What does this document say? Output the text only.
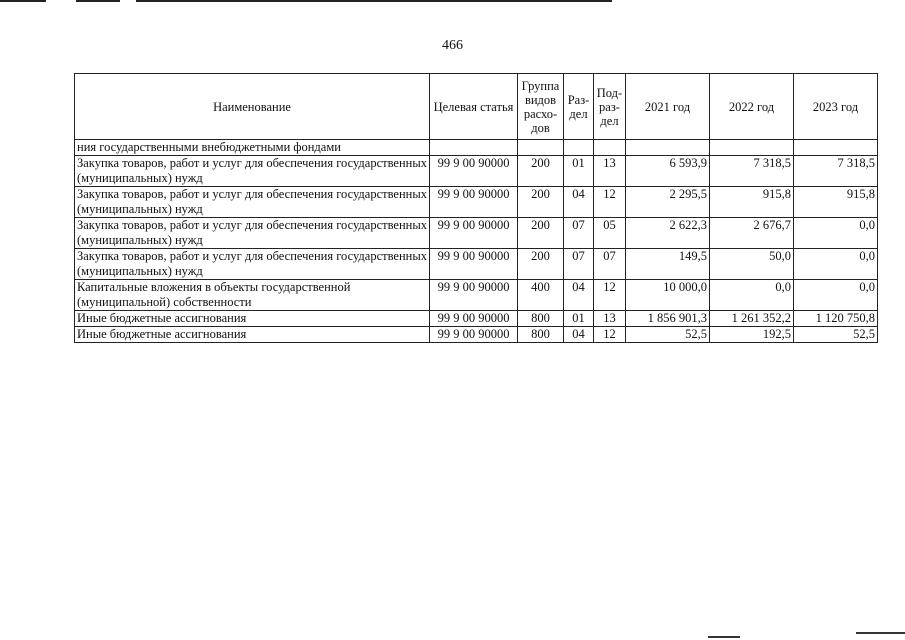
466
Наименование	Целевая статья	Группа видов расхо-дов	Раз-дел	Под-раз-дел	2021 год	2022 год	2023 год
ния государственными внебюджетными фондами							
Закупка товаров, работ и услуг для обеспечения государственных (муниципальных) нужд	99 9 00 90000	200	01	13	6 593,9	7 318,5	7 318,5
Закупка товаров, работ и услуг для обеспечения государственных (муниципальных) нужд	99 9 00 90000	200	04	12	2 295,5	915,8	915,8
Закупка товаров, работ и услуг для обеспечения государственных (муниципальных) нужд	99 9 00 90000	200	07	05	2 622,3	2 676,7	0,0
Закупка товаров, работ и услуг для обеспечения государственных (муниципальных) нужд	99 9 00 90000	200	07	07	149,5	50,0	0,0
Капитальные вложения в объекты государственной (муниципальной) собственности	99 9 00 90000	400	04	12	10 000,0	0,0	0,0
Иные бюджетные ассигнования	99 9 00 90000	800	01	13	1 856 901,3	1 261 352,2	1 120 750,8
Иные бюджетные ассигнования	99 9 00 90000	800	04	12	52,5	192,5	52,5
